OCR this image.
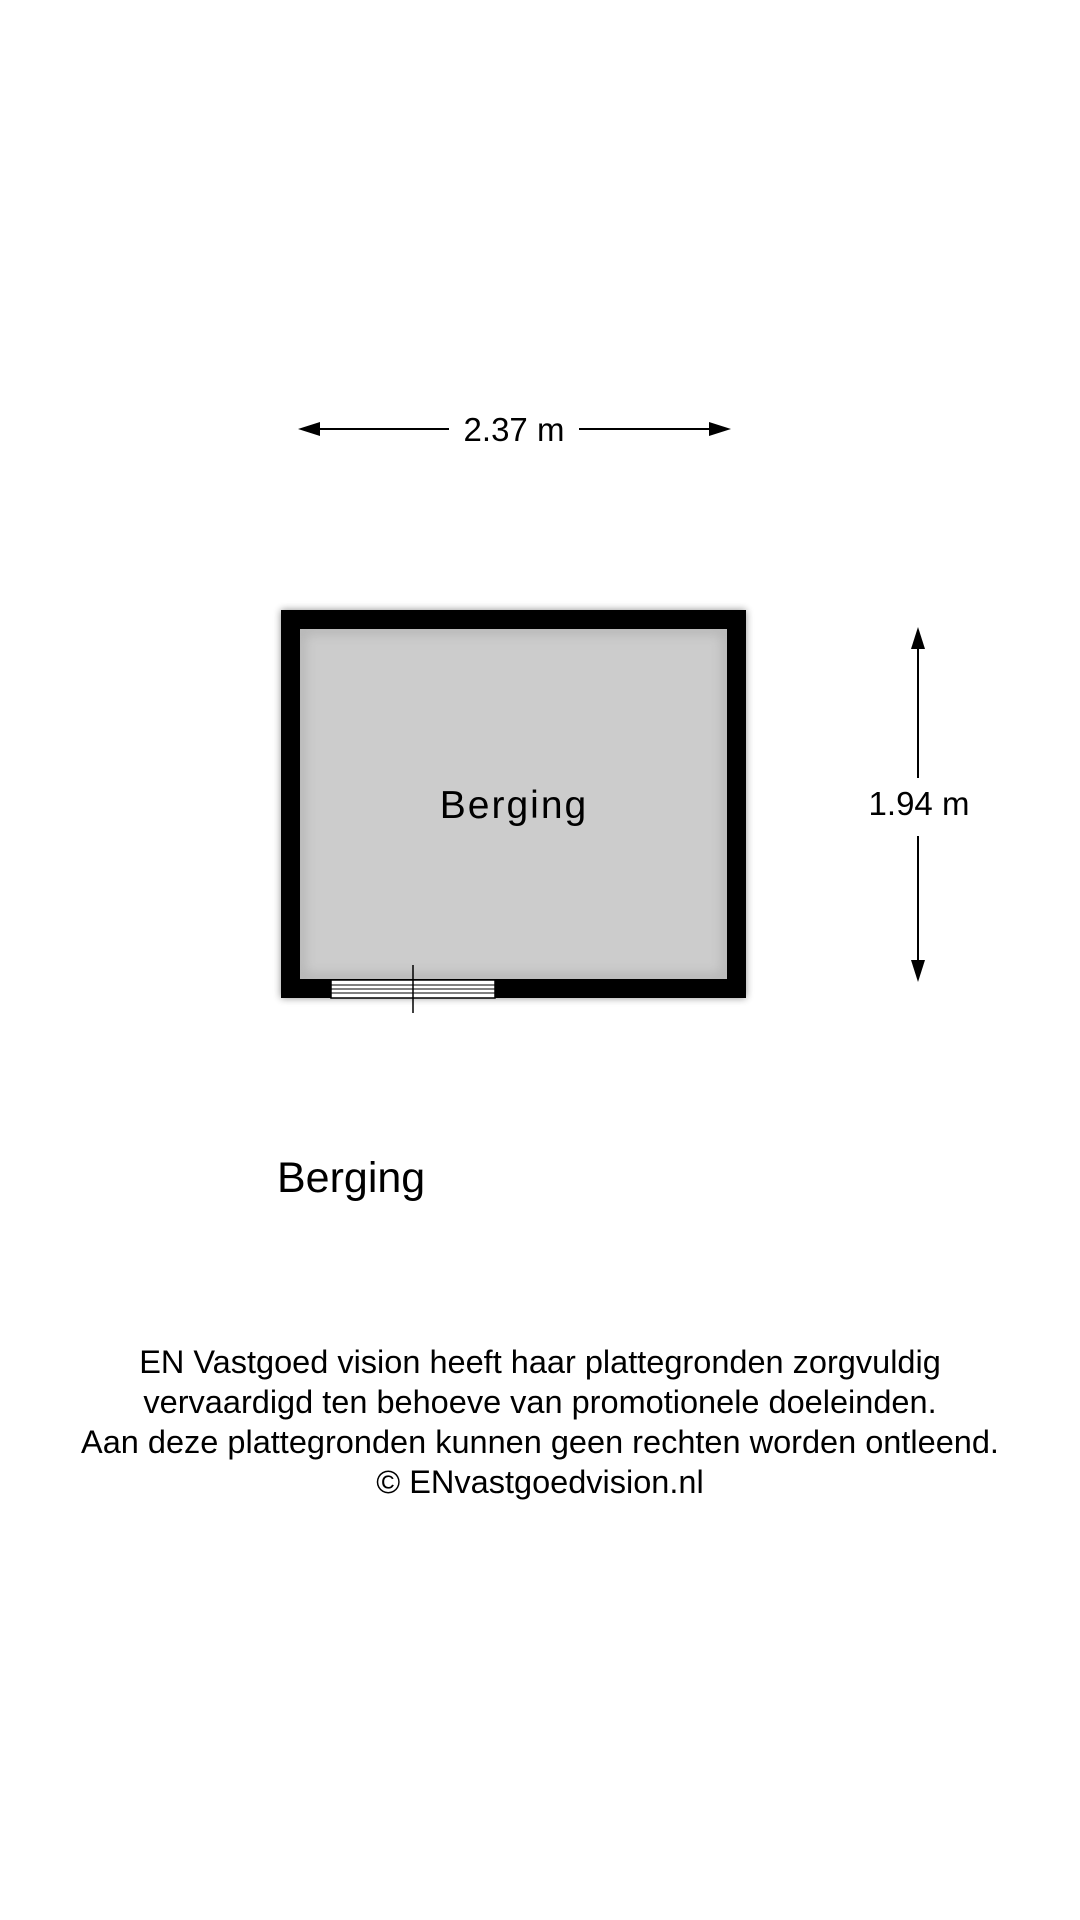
2.37 m
1.94 m
Berging
Berging
EN Vastgoed vision heeft haar plattegronden zorgvuldig
vervaardigd ten behoeve van promotionele doeleinden.
Aan deze plattegronden kunnen geen rechten worden ontleend.
© ENvastgoedvision.nl
